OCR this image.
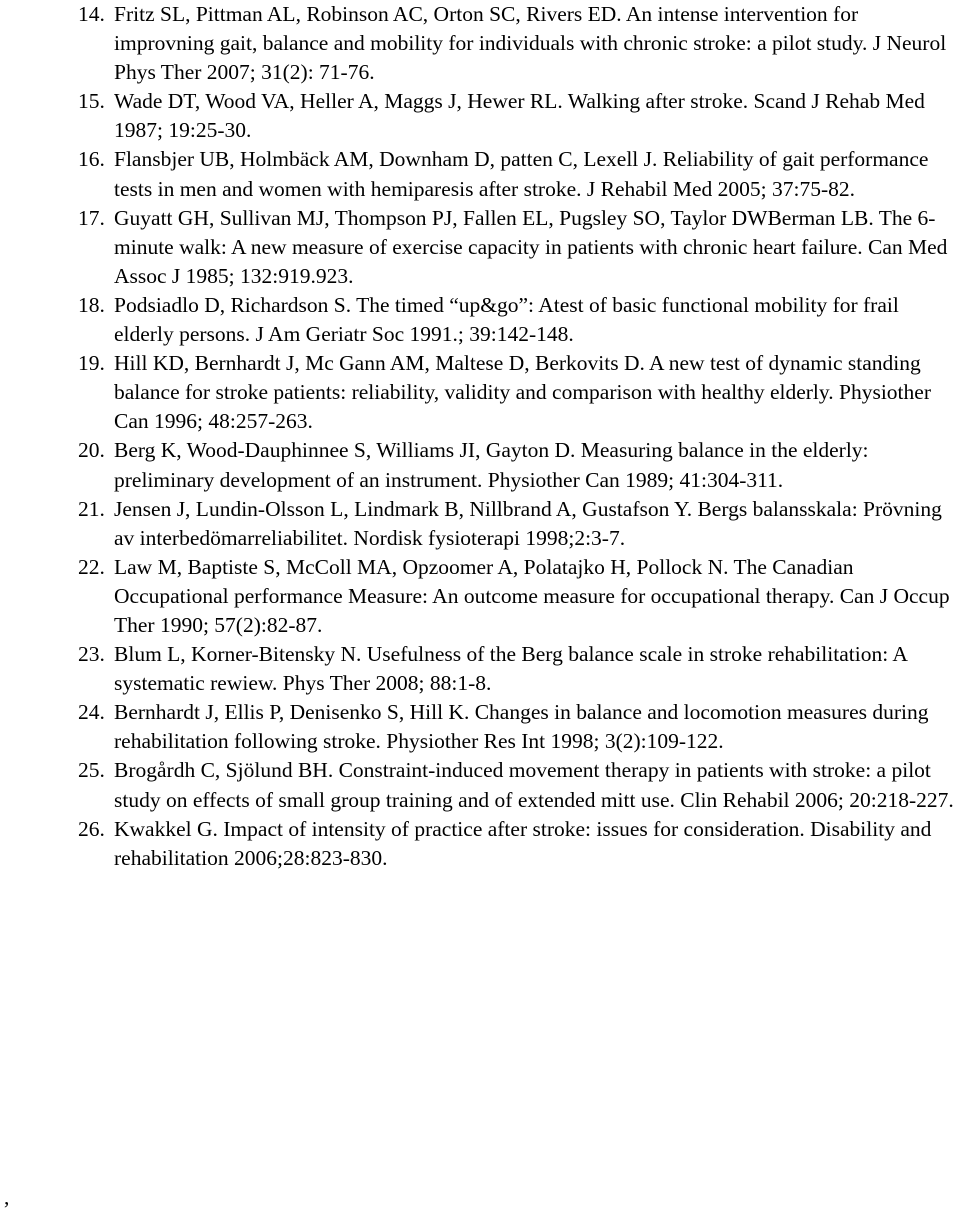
14. Fritz SL, Pittman AL, Robinson AC, Orton SC, Rivers ED. An intense intervention for improvning gait, balance and mobility for individuals with chronic stroke: a pilot study. J Neurol Phys Ther 2007; 31(2): 71-76.
15. Wade DT, Wood VA, Heller A, Maggs J, Hewer RL. Walking after stroke. Scand J Rehab Med 1987; 19:25-30.
16. Flansbjer UB, Holmbäck AM, Downham D, patten C, Lexell J. Reliability of gait performance tests in men and women with hemiparesis after stroke. J Rehabil Med 2005; 37:75-82.
17. Guyatt GH, Sullivan MJ, Thompson PJ, Fallen EL, Pugsley SO, Taylor DWBerman LB. The 6-minute walk: A new measure of exercise capacity in patients with chronic heart failure. Can Med Assoc J 1985; 132:919.923.
18. Podsiadlo D, Richardson S. The timed “up&go”: Atest of basic functional mobility for frail elderly persons. J Am Geriatr Soc 1991.; 39:142-148.
19. Hill KD, Bernhardt J, Mc Gann AM, Maltese D, Berkovits D. A new test of dynamic standing balance for stroke patients: reliability, validity and comparison with healthy elderly. Physiother Can 1996; 48:257-263.
20. Berg K, Wood-Dauphinnee S, Williams JI, Gayton D. Measuring balance in the elderly: preliminary development of an instrument. Physiother Can 1989; 41:304-311.
21. Jensen J, Lundin-Olsson L, Lindmark B, Nillbrand A, Gustafson Y. Bergs balansskala: Prövning av interbedömarreliabilitet. Nordisk fysioterapi 1998;2:3-7.
22. Law M, Baptiste S, McColl MA, Opzoomer A, Polatajko H, Pollock N. The Canadian Occupational performance Measure: An outcome measure for occupational therapy. Can J Occup Ther 1990; 57(2):82-87.
23. Blum L, Korner-Bitensky N. Usefulness of the Berg balance scale in stroke rehabilitation: A systematic rewiew. Phys Ther 2008; 88:1-8.
24. Bernhardt J, Ellis P, Denisenko S, Hill K. Changes in balance and locomotion measures during rehabilitation following stroke. Physiother Res Int 1998; 3(2):109-122.
25. Brogårdh C, Sjölund BH. Constraint-induced movement therapy in patients with stroke: a pilot study on effects of small group training and of extended mitt use. Clin Rehabil 2006; 20:218-227.
26. Kwakkel G. Impact of intensity of practice after stroke: issues for consideration. Disability and rehabilitation 2006;28:823-830.
,
